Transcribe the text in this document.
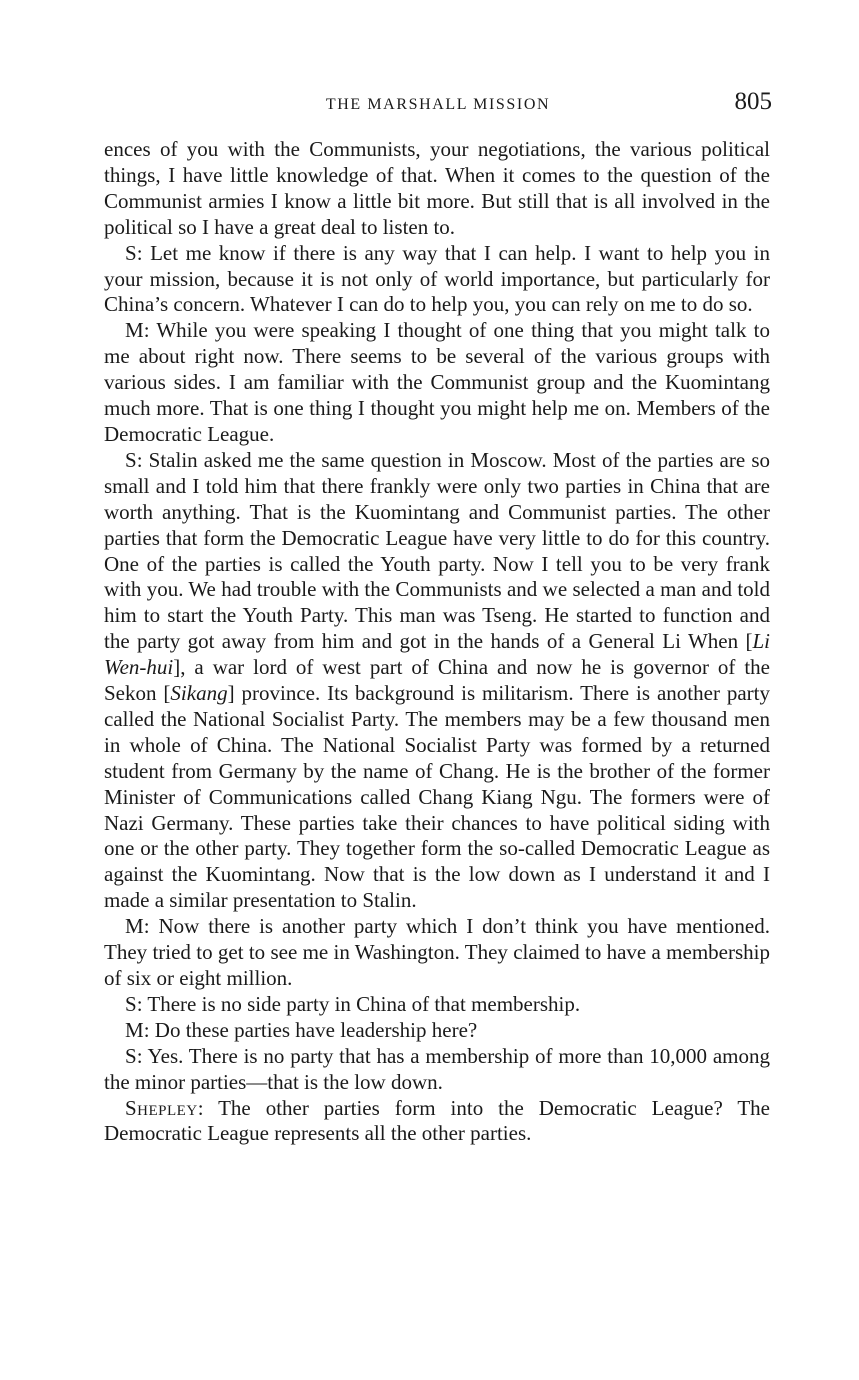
THE MARSHALL MISSION	805

ences of you with the Communists, your negotiations, the various political things, I have little knowledge of that. When it comes to the question of the Communist armies I know a little bit more. But still that is all involved in the political so I have a great deal to listen to.

S: Let me know if there is any way that I can help. I want to help you in your mission, because it is not only of world importance, but particularly for China’s concern. Whatever I can do to help you, you can rely on me to do so.

M: While you were speaking I thought of one thing that you might talk to me about right now. There seems to be several of the various groups with various sides. I am familiar with the Communist group and the Kuomintang much more. That is one thing I thought you might help me on. Members of the Democratic League.

S: Stalin asked me the same question in Moscow. Most of the parties are so small and I told him that there frankly were only two parties in China that are worth anything. That is the Kuomintang and Communist parties. The other parties that form the Democratic League have very little to do for this country. One of the parties is called the Youth party. Now I tell you to be very frank with you. We had trouble with the Communists and we selected a man and told him to start the Youth Party. This man was Tseng. He started to function and the party got away from him and got in the hands of a General Li When [Li Wen-hui], a war lord of west part of China and now he is governor of the Sekon [Sikang] province. Its background is militarism. There is another party called the National Socialist Party. The members may be a few thousand men in whole of China. The National Socialist Party was formed by a returned student from Germany by the name of Chang. He is the brother of the former Minister of Communications called Chang Kiang Ngu. The formers were of Nazi Germany. These parties take their chances to have political siding with one or the other party. They together form the so-called Democratic League as against the Kuomintang. Now that is the low down as I understand it and I made a similar presentation to Stalin.

M: Now there is another party which I don’t think you have mentioned. They tried to get to see me in Washington. They claimed to have a membership of six or eight million.

S: There is no side party in China of that membership.

M: Do these parties have leadership here?

S: Yes. There is no party that has a membership of more than 10,000 among the minor parties—that is the low down.

Shepley: The other parties form into the Democratic League? The Democratic League represents all the other parties.
